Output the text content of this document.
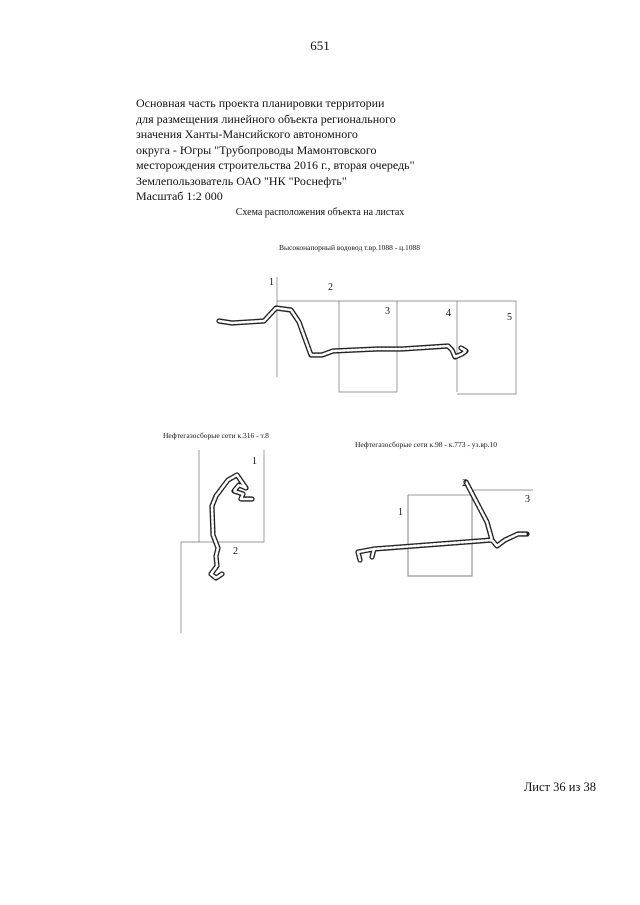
651
Основная часть проекта планировки территории
для размещения линейного объекта регионального
значения Ханты-Мансийского автономного
округа - Югры "Трубопроводы Мамонтовского
месторождения строительства 2016 г., вторая очередь"
Землепользователь ОАО "НК "Роснефть"
Масштаб 1:2 000
Схема расположения объекта на листах
Высоконапорный водовод т.вр.1088 - ц.1088
Нефтегазосборые сети к.316 - т.8
Нефтегазосборые сети к.98 - к.773 - уз.вр.10
1	2
3	4	5
1
2
1
2
3
Лист 36 из 38
